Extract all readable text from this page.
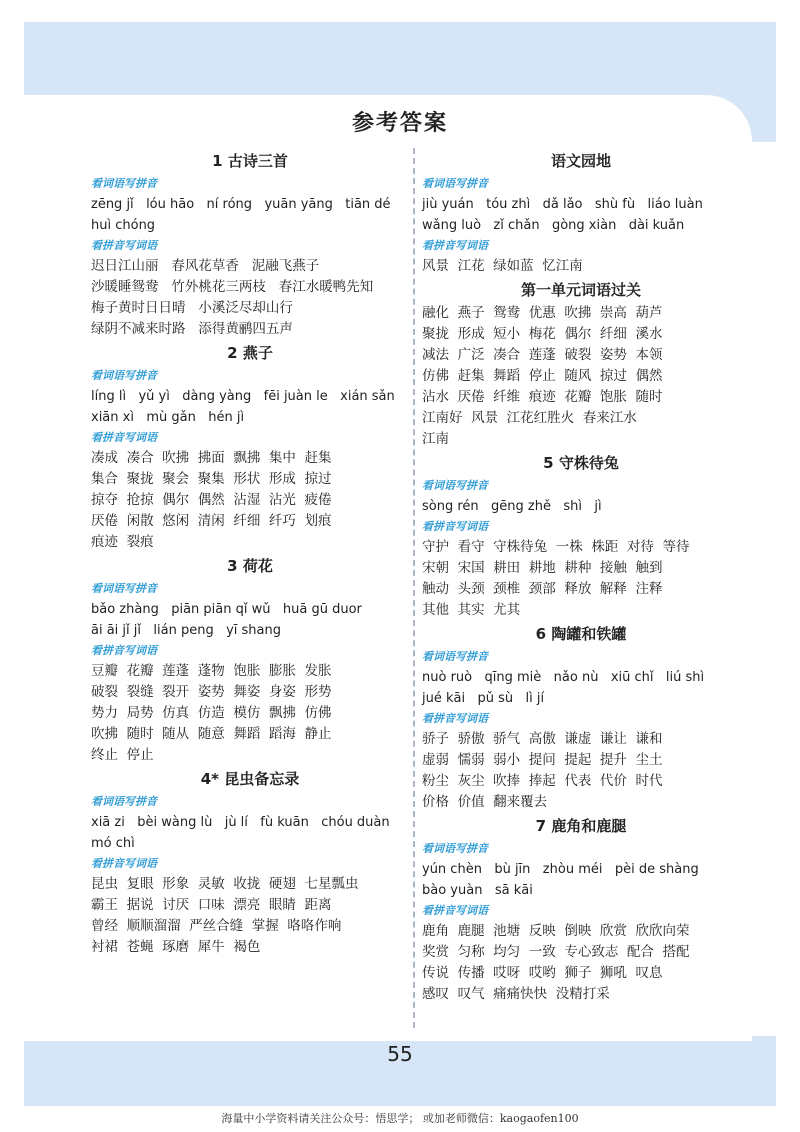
参考答案
1 古诗三首
看词语写拼音
zēng jǐ   lóu hāo   ní róng   yuān yāng   tiān dé
huì chóng
看拼音写词语
迟日江山丽   春风花草香   泥融飞燕子
沙暖睡鸳鸯   竹外桃花三两枝   春江水暖鸭先知
梅子黄时日日晴   小溪泛尽却山行
绿阴不减来时路   添得黄鹂四五声
2 燕子
看词语写拼音
líng lì   yǔ yì   dàng yàng   fēi juàn le   xián sǎn
xiān xì   mù gǎn   hén jì
看拼音写词语
凑成  凑合  吹拂  拂面  飘拂  集中  赶集
集合  聚拢  聚会  聚集  形状  形成  掠过
掠夺  抢掠  偶尔  偶然  沾湿  沾光  疲倦
厌倦  闲散  悠闲  清闲  纤细  纤巧  划痕
痕迹  裂痕
3 荷花
看词语写拼音
bǎo zhàng   piān piān qǐ wǔ   huā gū duor
āi āi jǐ jǐ   lián peng   yī shang
看拼音写词语
豆瓣  花瓣  莲蓬  蓬物  饱胀  膨胀  发胀
破裂  裂缝  裂开  姿势  舞姿  身姿  形势
势力  局势  仿真  仿造  模仿  飘拂  仿佛
吹拂  随时  随从  随意  舞蹈  蹈海  静止
终止  停止
4* 昆虫备忘录
看词语写拼音
xiā zi   bèi wàng lù   jù lí   fù kuān   chóu duàn
mó chì
看拼音写词语
昆虫  复眼  形象  灵敏  收拢  硬翅  七星瓢虫
霸王  据说  讨厌  口味  漂亮  眼睛  距离
曾经  顺顺溜溜  严丝合缝  掌握  咯咯作响
衬裙  苍蝇  琢磨  犀牛  褐色
语文园地
看词语写拼音
jiù yuán   tóu zhì   dǎ lǎo   shù fù   liáo luàn
wǎng luò   zǐ chǎn   gòng xiàn   dài kuǎn
看拼音写词语
风景  江花  绿如蓝  忆江南
第一单元词语过关
融化  燕子  鸳鸯  优惠  吹拂  崇高  葫芦
聚拢  形成  短小  梅花  偶尔  纤细  溪水
减法  广泛  凑合  莲蓬  破裂  姿势  本领
仿佛  赶集  舞蹈  停止  随风  掠过  偶然
沾水  厌倦  纤维  痕迹  花瓣  饱胀  随时
江南好  风景  江花红胜火  春来江水
江南
5 守株待兔
看词语写拼音
sòng rén   gēng zhě   shì   jì
看拼音写词语
守护  看守  守株待兔  一株  株距  对待  等待
宋朝  宋国  耕田  耕地  耕种  接触  触到
触动  头颈  颈椎  颈部  释放  解释  注释
其他  其实  尤其
6 陶罐和铁罐
看词语写拼音
nuò ruò   qīng miè   nǎo nù   xiū chǐ   liú shì
jué kāi   pǔ sù   lì jí
看拼音写词语
骄子  骄傲  骄气  高傲  谦虚  谦让  谦和
虚弱  懦弱  弱小  提问  提起  提升  尘土
粉尘  灰尘  吹捧  捧起  代表  代价  时代
价格  价值  翻来覆去
7 鹿角和鹿腿
看词语写拼音
yún chèn   bù jīn   zhòu méi   pèi de shàng
bào yuàn   sā kāi
看拼音写词语
鹿角  鹿腿  池塘  反映  倒映  欣赏  欣欣向荣
奖赏  匀称  均匀  一致  专心致志  配合  搭配
传说  传播  哎呀  哎哟  狮子  狮吼  叹息
感叹  叹气  痛痛快快  没精打采
55
海量中小学资料请关注公众号：悟思学； 或加老师微信：kaogaofen100
